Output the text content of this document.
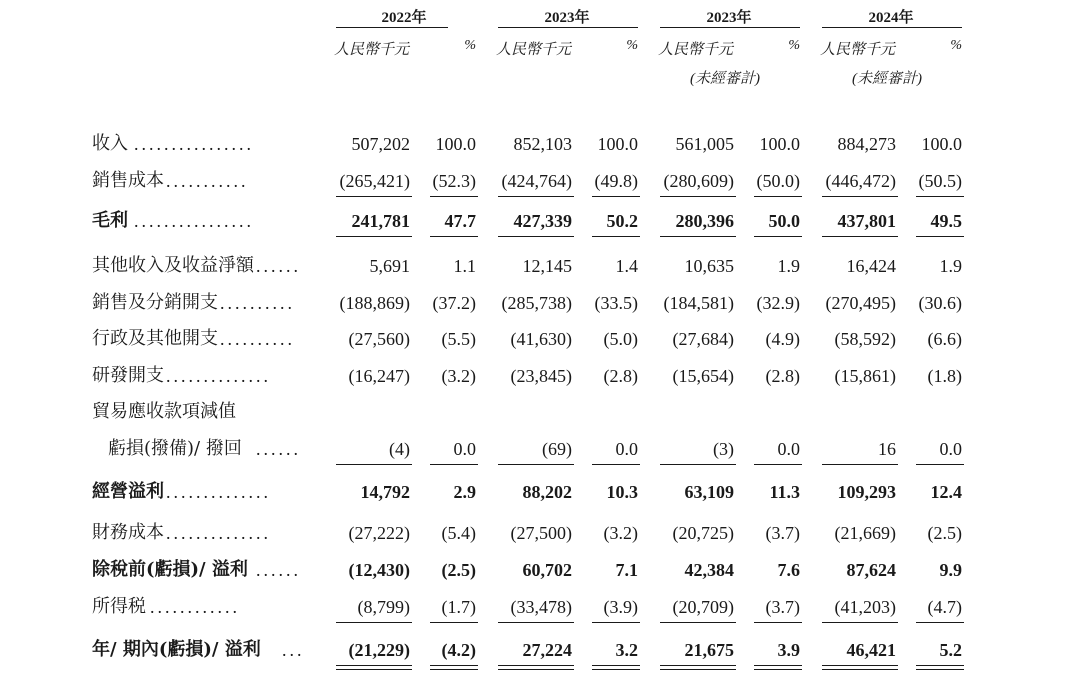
2022年	2023年	2023年	2024年
人民幣千元	% 人民幣千元	% 人民幣千元	% 人民幣千元	%
(未經審計)	(未經審計)
收入 ................	507,202 100.0 852,103 100.0 561,005 100.0 884,273 100.0
銷售成本 ...........	(265,421) (52.3) (424,764) (49.8) (280,609) (50.0) (446,472) (50.5)
毛利 ................	241,781 47.7 427,339 50.2 280,396 50.0 437,801 49.5
其他收入及收益淨額 ......	5,691 1.1	12,145 1.4	10,635 1.9	16,424 1.9
銷售及分銷開支 ..........	(188,869) (37.2) (285,738) (33.5) (184,581) (32.9) (270,495) (30.6)
行政及其他開支 ..........	(27,560) (5.5) (41,630) (5.0) (27,684) (4.9) (58,592) (6.6)
研發開支 ..............	(16,247) (3.2) (23,845) (2.8) (15,654) (2.8) (15,861) (1.8)
貿易應收款項減值
虧損(撥備)/ 撥回 ......	(4) 0.0	(69) 0.0	(3) 0.0	16 0.0
經營溢利 ..............	14,792 2.9	88,202 10.3	63,109 11.3 109,293 12.4
財務成本 ..............	(27,222) (5.4) (27,500) (3.2) (20,725) (3.7) (21,669) (2.5)
除稅前(虧損)/ 溢利 ......	(12,430) (2.5)	60,702 7.1	42,384 7.6	87,624 9.9
所得税 ............	(8,799) (1.7) (33,478) (3.9) (20,709) (3.7) (41,203) (4.7)
年/ 期內(虧損)/ 溢利 ... (21,229) (4.2)	27,224 3.2	21,675 3.9	46,421 5.2
